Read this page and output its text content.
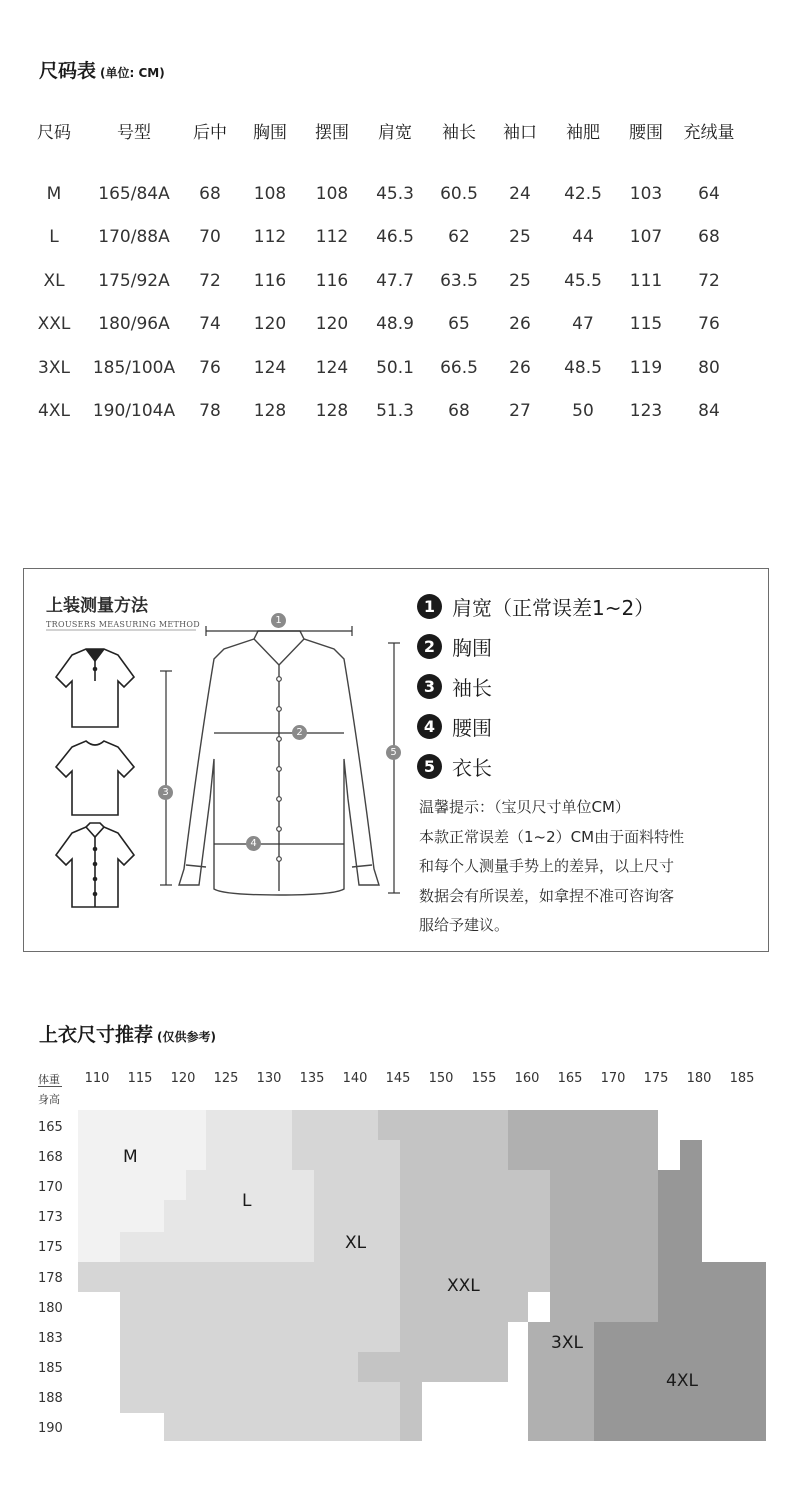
尺码表 (单位: CM)
尺码	号型	后中	胸围	摆围	肩宽	袖长	袖口	袖肥	腰围	充绒量

M	165/84A	68	108	108	45.3	60.5	24	42.5	103	64
L	170/88A	70	112	112	46.5	62	25	44	107	68
XL	175/92A	72	116	116	47.7	63.5	25	45.5	111	72
XXL	180/96A	74	120	120	48.9	65	26	47	115	76
3XL	185/100A	76	124	124	50.1	66.5	26	48.5	119	80
4XL	190/104A	78	128	128	51.3	68	27	50	123	84
上装测量方法
TROUSERS MEASURING METHOD	1
2
3
4
5
1 肩宽（正常误差1~2）
2 胸围
3 袖长
4 腰围
5 衣长
温馨提示：（宝贝尺寸单位CM）
本款正常误差（1~2）CM由于面料特性
和每个人测量手势上的差异，以上尺寸
数据会有所误差，如拿捏不准可咨询客
服给予建议。
上衣尺寸推荐 (仅供参考)
体重
身高
110 115 120 125 130 135 140 145 150 155 160 165 170 175 180 185
165
168
170
173
175
178
180
183
185
188
190
M
L
XL
XXL
3XL
4XL
